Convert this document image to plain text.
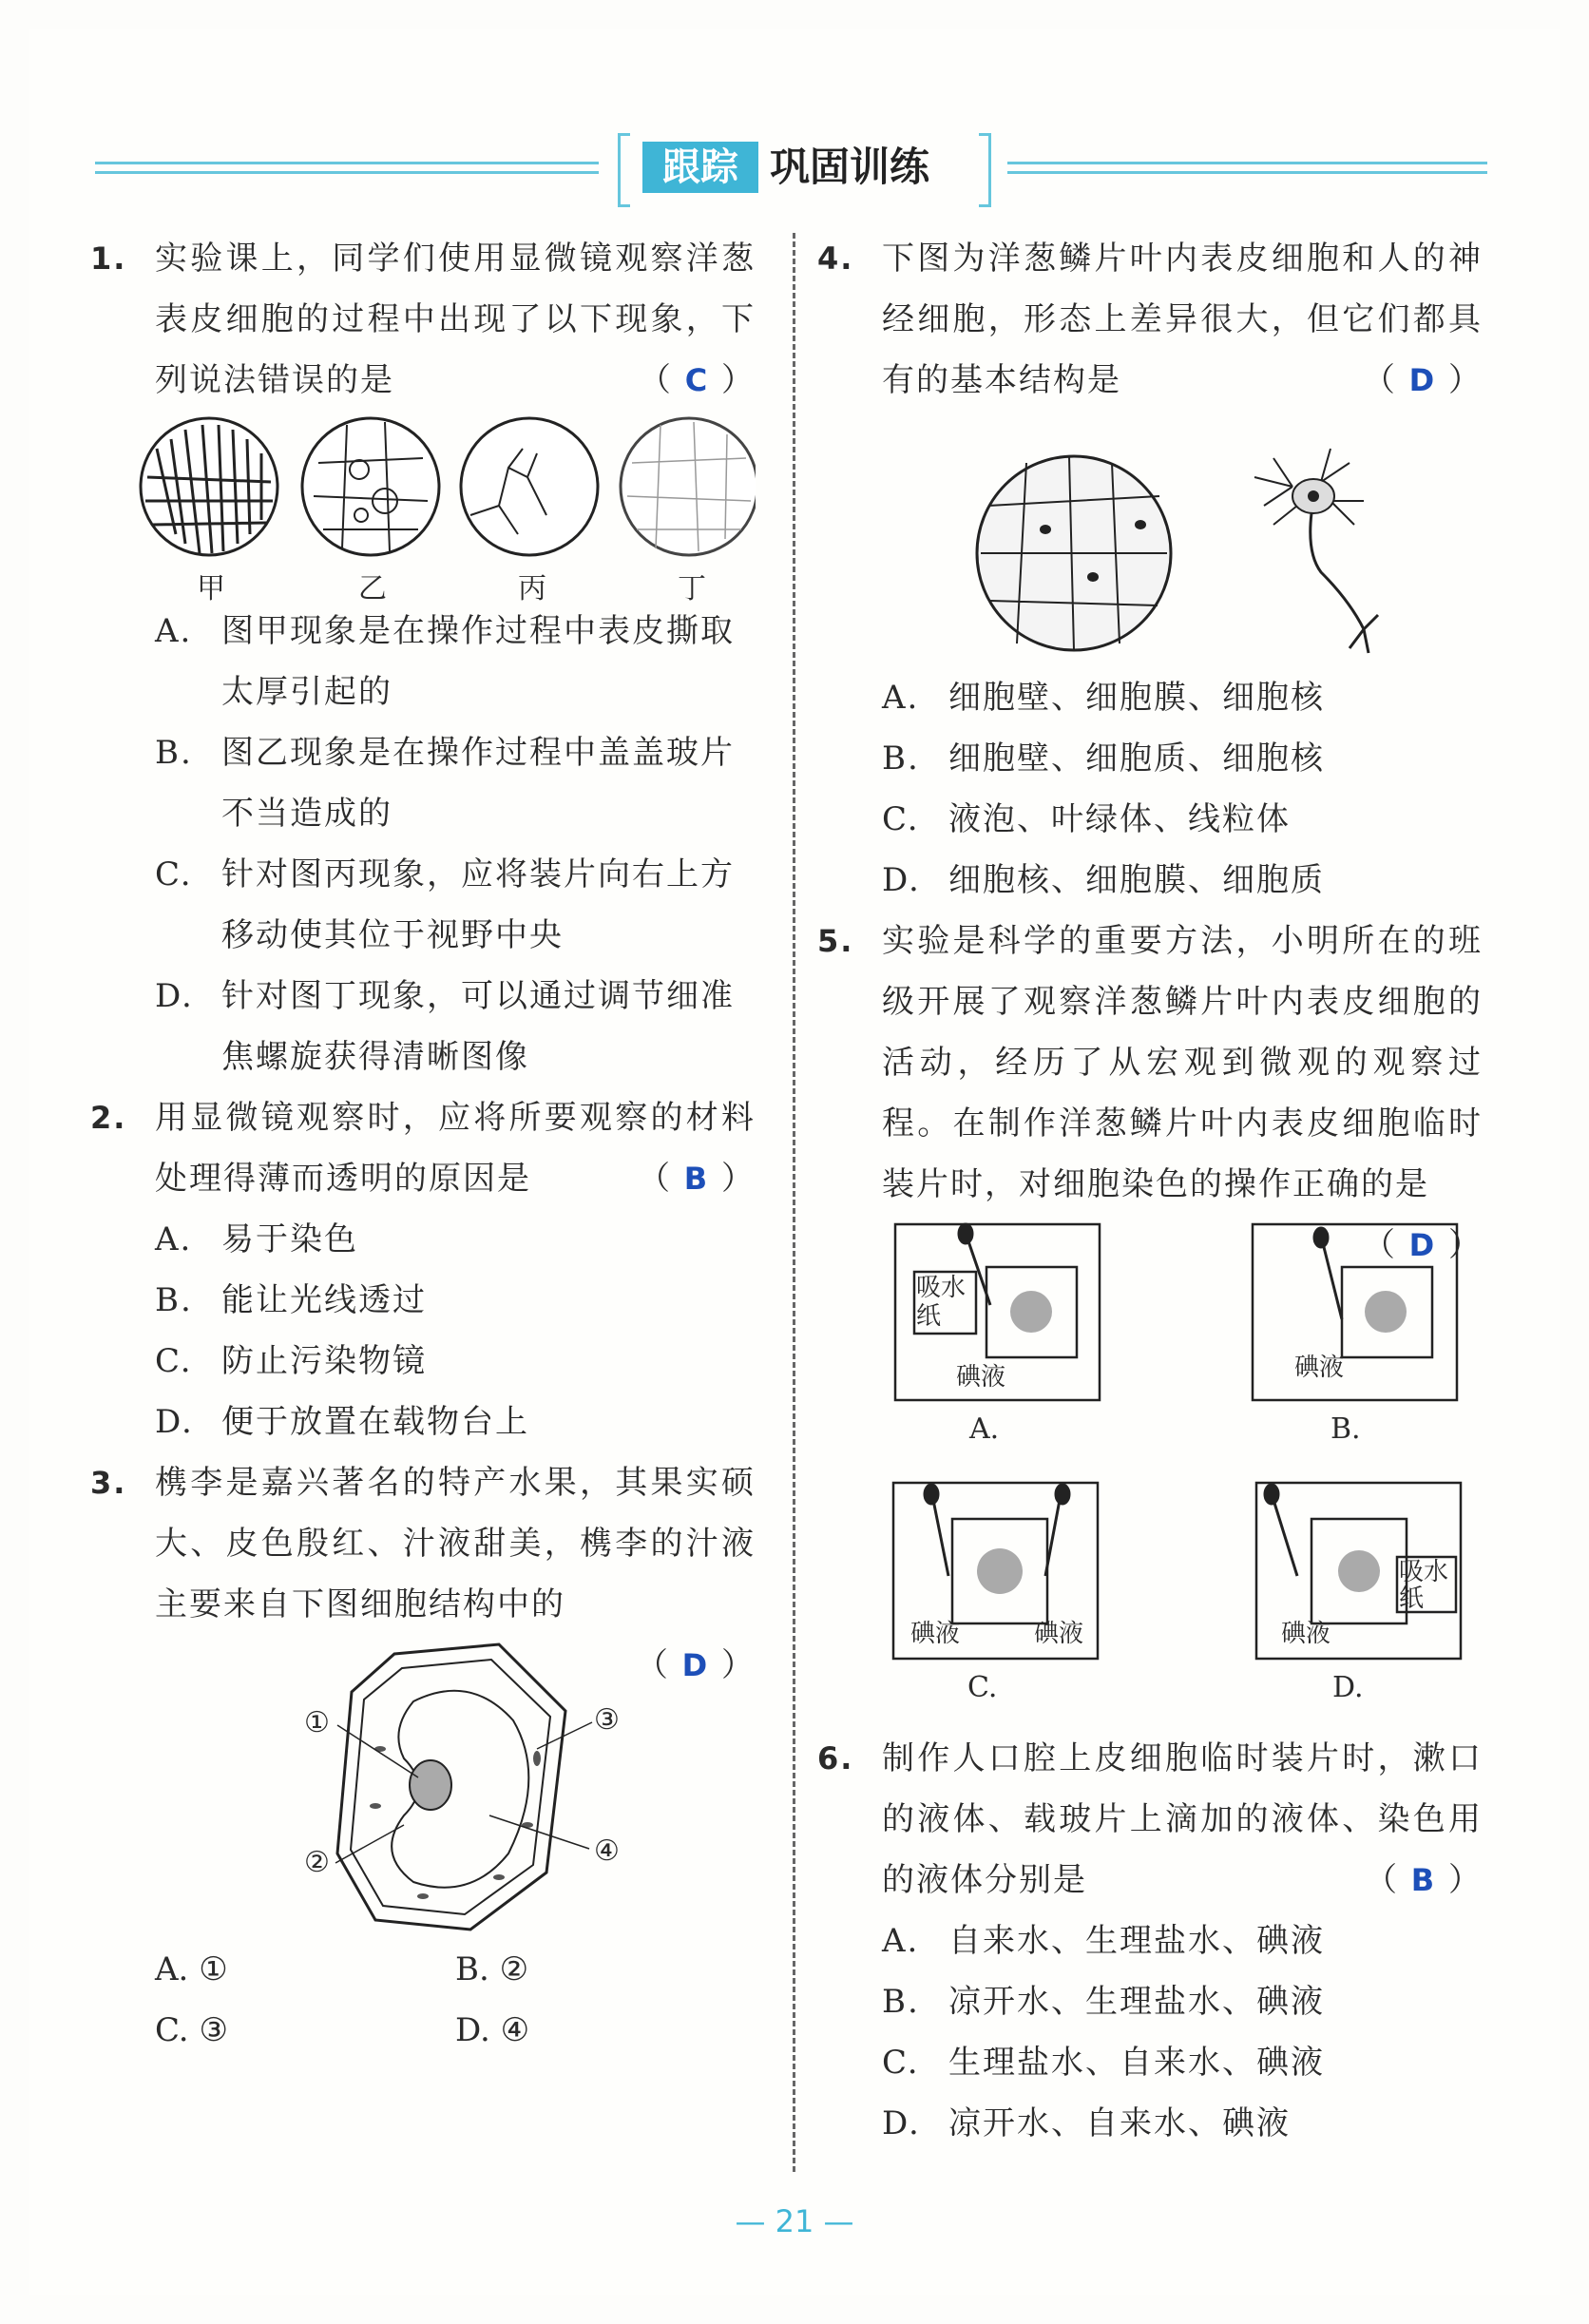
跟踪 巩固训练
1. 实验课上，同学们使用显微镜观察洋葱表皮细胞的过程中出现了以下现象，下列说法错误的是	（ C ）
甲	乙	丙	丁
A. 图甲现象是在操作过程中表皮撕取太厚引起的
B. 图乙现象是在操作过程中盖盖玻片不当造成的
C. 针对图丙现象，应将装片向右上方移动使其位于视野中央
D. 针对图丁现象，可以通过调节细准焦螺旋获得清晰图像
2. 用显微镜观察时，应将所要观察的材料处理得薄而透明的原因是	（ B ）
A. 易于染色
B. 能让光线透过
C. 防止污染物镜
D. 便于放置在载物台上
3. 槜李是嘉兴著名的特产水果，其果实硕大、皮色殷红、汁液甜美，槜李的汁液主要来自下图细胞结构中的

（ D ）
①
②
③
④
A. ①	B. ②
C. ③	D. ④
4. 下图为洋葱鳞片叶内表皮细胞和人的神经细胞，形态上差异很大，但它们都具有的基本结构是	（ D ）
A. 细胞壁、细胞膜、细胞核
B. 细胞壁、细胞质、细胞核
C. 液泡、叶绿体、线粒体
D. 细胞核、细胞膜、细胞质
5. 实验是科学的重要方法，小明所在的班级开展了观察洋葱鳞片叶内表皮细胞的活动，经历了从宏观到微观的观察过程。在制作洋葱鳞片叶内表皮细胞临时装片时，对细胞染色的操作正确的是
（ D ）
吸水纸
碘液	碘液
碘液	碘液
吸水纸
碘液
A.	B.
C.	D.
6. 制作人口腔上皮细胞临时装片时，漱口的液体、载玻片上滴加的液体、染色用的液体分别是	（ B ）
A. 自来水、生理盐水、碘液
B. 凉开水、生理盐水、碘液
C. 生理盐水、自来水、碘液
D. 凉开水、自来水、碘液
— 21 —
